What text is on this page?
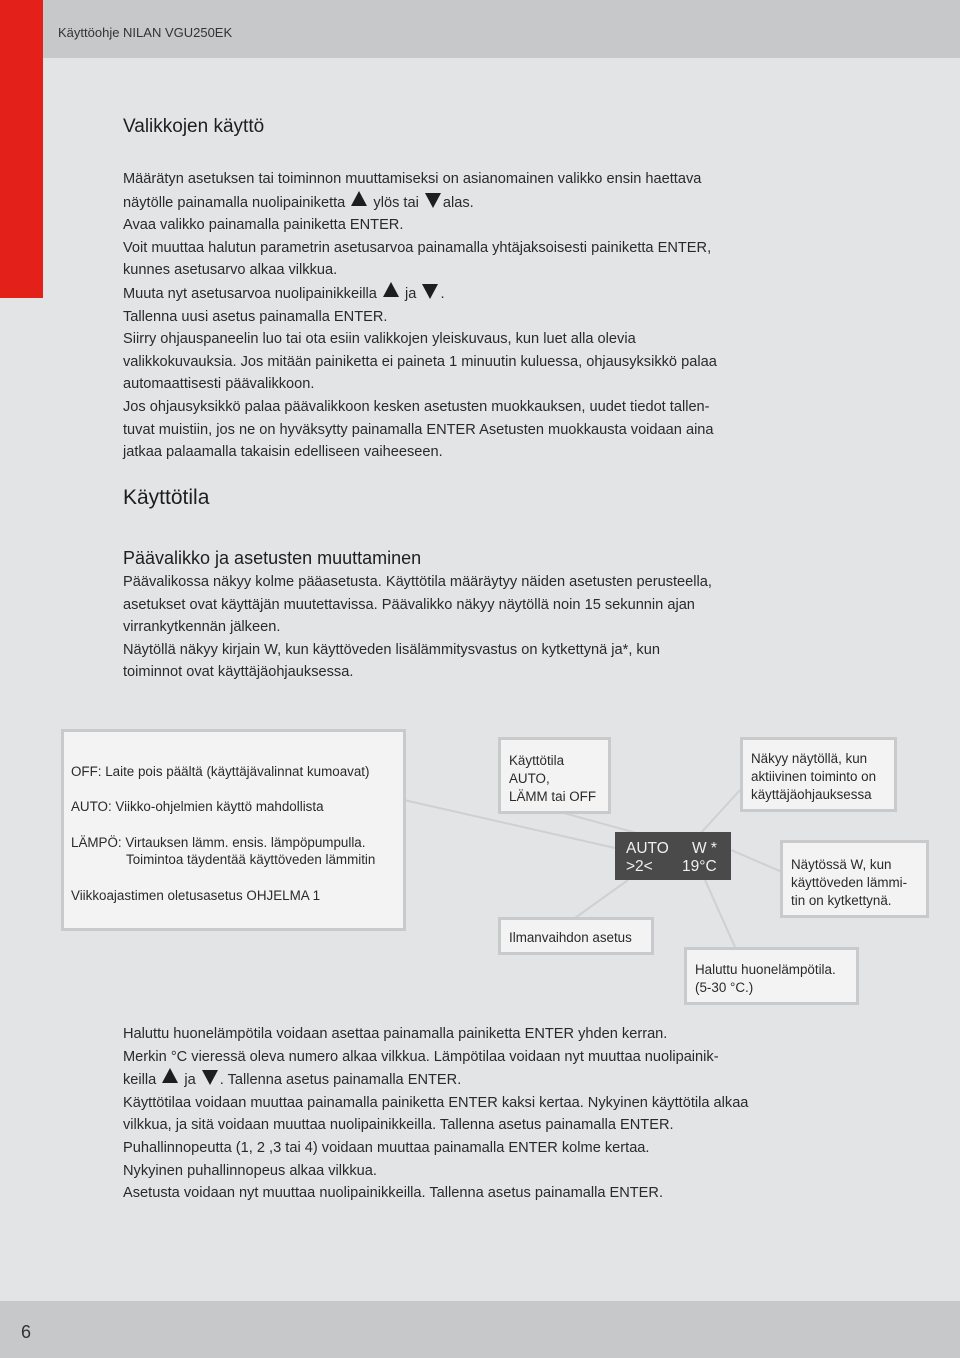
Käyttöohje NILAN VGU250EK
Valikkojen käyttö
Määrätyn asetuksen tai toiminnon muuttamiseksi on asianomainen valikko ensin haettava
näytölle painamalla nuolipainiketta  ylös tai alas.
Avaa valikko painamalla painiketta ENTER.
Voit muuttaa halutun parametrin asetusarvoa painamalla yhtäjaksoisesti painiketta ENTER,
kunnes asetusarvo alkaa vilkkua.
Muuta nyt asetusarvoa nuolipainikkeilla  ja .
Tallenna uusi asetus painamalla ENTER.
Siirry ohjauspaneelin luo tai ota esiin valikkojen yleiskuvaus, kun luet alla olevia
valikkokuvauksia. Jos mitään painiketta ei paineta 1 minuutin kuluessa, ohjausyksikkö palaa
automaattisesti päävalikkoon.
Jos ohjausyksikkö palaa päävalikkoon kesken asetusten muokkauksen, uudet tiedot tallen-
tuvat muistiin, jos ne on hyväksytty painamalla ENTER Asetusten muokkausta voidaan aina
jatkaa palaamalla takaisin edelliseen vaiheeseen.
Käyttötila
Päävalikko ja asetusten muuttaminen
Päävalikossa näkyy kolme pääasetusta. Käyttötila määräytyy näiden asetusten perusteella,
asetukset ovat käyttäjän muutettavissa. Päävalikko näkyy näytöllä noin 15 sekunnin ajan
virrankytkennän jälkeen.
Näytöllä näkyy kirjain W, kun käyttöveden lisälämmitysvastus on kytkettynä ja*, kun
toiminnot ovat käyttäjäohjauksessa.
OFF: Laite pois päältä (käyttäjävalinnat kumoavat)
AUTO: Viikko-ohjelmien käyttö mahdollista
LÄMPÖ: Virtauksen lämm. ensis. lämpöpumpulla.
Toimintoa täydentää käyttöveden lämmitin
Viikkoajastimen oletusasetus OHJELMA 1
Käyttötila
AUTO,
LÄMM tai OFF
Näkyy näytöllä, kun
aktiivinen toiminto on
käyttäjäohjauksessa
AUTO W *
>2< 19°C	Näytössä W, kun
käyttöveden lämmi-
tin on kytkettynä.
Ilmanvaihdon asetus
Haluttu huonelämpötila.
(5-30 °C.)
Haluttu huonelämpötila voidaan asettaa painamalla painiketta ENTER yhden kerran.
Merkin °C vieressä oleva numero alkaa vilkkua. Lämpötilaa voidaan nyt muuttaa nuolipainik-
keilla  ja . Tallenna asetus painamalla ENTER.
Käyttötilaa voidaan muuttaa painamalla painiketta ENTER kaksi kertaa. Nykyinen käyttötila alkaa
vilkkua, ja sitä voidaan muuttaa nuolipainikkeilla. Tallenna asetus painamalla ENTER.
Puhallinnopeutta (1, 2 ,3 tai 4) voidaan muuttaa painamalla ENTER kolme kertaa.
Nykyinen puhallinnopeus alkaa vilkkua.
Asetusta voidaan nyt muuttaa nuolipainikkeilla. Tallenna asetus painamalla ENTER.
6
